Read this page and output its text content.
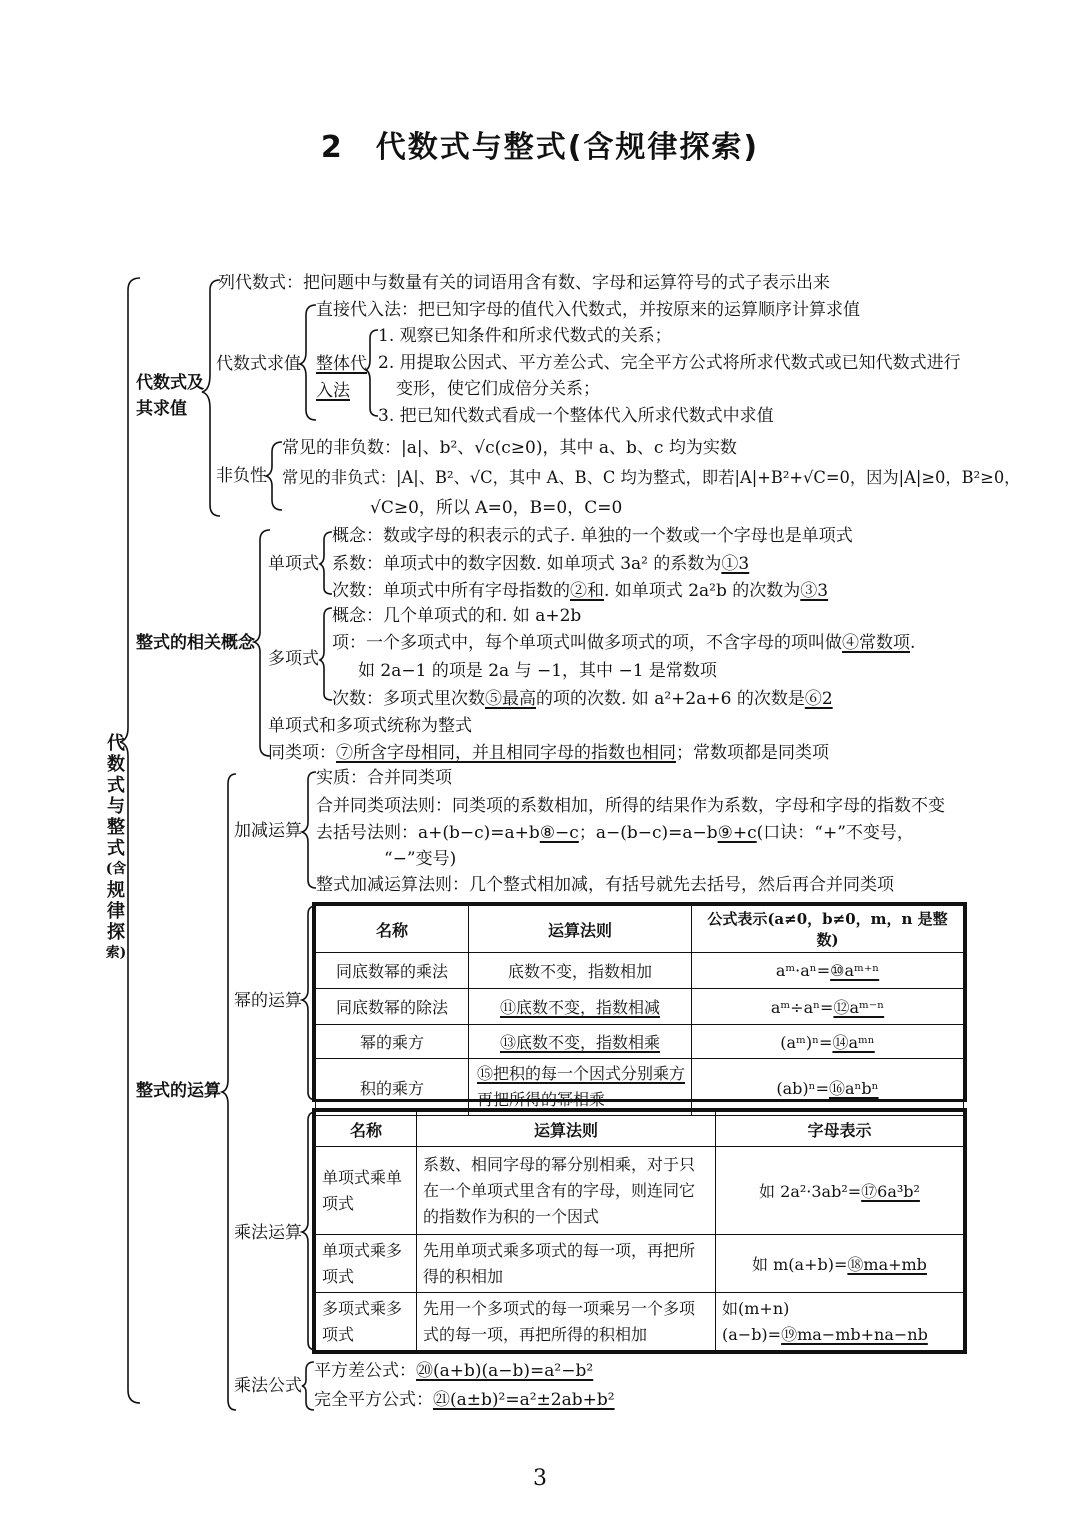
2　代数式与整式(含规律探索)
代
数
式
与
整
式
(含
规
律
探
索)
代数式及
其求值
列代数式：把问题中与数量有关的词语用含有数、字母和运算符号的式子表示出来
代数式求值
直接代入法：把已知字母的值代入代数式，并按原来的运算顺序计算求值
整体代
入法
1. 观察已知条件和所求代数式的关系；
2. 用提取公因式、平方差公式、完全平方公式将所求代数式或已知代数式进行
变形，使它们成倍分关系；
3. 把已知代数式看成一个整体代入所求代数式中求值
非负性
常见的非负数：|a|、b²、√c(c≥0)，其中 a、b、c 均为实数
常见的非负式：|A|、B²、√C，其中 A、B、C 均为整式，即若|A|+B²+√C=0，因为|A|≥0，B²≥0，
√C≥0，所以 A=0，B=0，C=0
整式的相关概念
单项式
概念：数或字母的积表示的式子. 单独的一个数或一个字母也是单项式
系数：单项式中的数字因数. 如单项式 3a² 的系数为①3
次数：单项式中所有字母指数的②和. 如单项式 2a²b 的次数为③3
多项式
概念：几个单项式的和. 如 a+2b
项：一个多项式中，每个单项式叫做多项式的项，不含字母的项叫做④常数项.
如 2a−1 的项是 2a 与 −1，其中 −1 是常数项
次数：多项式里次数⑤最高的项的次数. 如 a²+2a+6 的次数是⑥2
单项式和多项式统称为整式
同类项：⑦所含字母相同，并且相同字母的指数也相同；常数项都是同类项
整式的运算
加减运算
实质：合并同类项
合并同类项法则：同类项的系数相加，所得的结果作为系数，字母和字母的指数不变
去括号法则：a+(b−c)=a+b⑧−c；a−(b−c)=a−b⑨+c(口诀：“+”不变号，
“−”变号)
整式加减运算法则：几个整式相加减，有括号就先去括号，然后再合并同类项
幂的运算
名称	运算法则	公式表示(a≠0，b≠0，m，n 是整数)
同底数幂的乘法	底数不变，指数相加	aᵐ·aⁿ=⑩aᵐ⁺ⁿ
同底数幂的除法	⑪底数不变，指数相减	aᵐ÷aⁿ=⑫aᵐ⁻ⁿ
幂的乘方	⑬底数不变，指数相乘	(aᵐ)ⁿ=⑭aᵐⁿ
积的乘方	⑮把积的每一个因式分别乘方再把所得的幂相乘	(ab)ⁿ=⑯aⁿbⁿ
乘法运算
名称	运算法则	字母表示
单项式乘单项式	系数、相同字母的幂分别相乘，对于只在一个单项式里含有的字母，则连同它的指数作为积的一个因式	如 2a²·3ab²=⑰6a³b²
单项式乘多项式	先用单项式乘多项式的每一项，再把所得的积相加	如 m(a+b)=⑱ma+mb
多项式乘多项式	先用一个多项式的每一项乘另一个多项式的每一项，再把所得的积相加	如(m+n)(a−b)=⑲ma−mb+na−nb
乘法公式
平方差公式：⑳(a+b)(a−b)=a²−b²
完全平方公式：㉑(a±b)²=a²±2ab+b²
3
